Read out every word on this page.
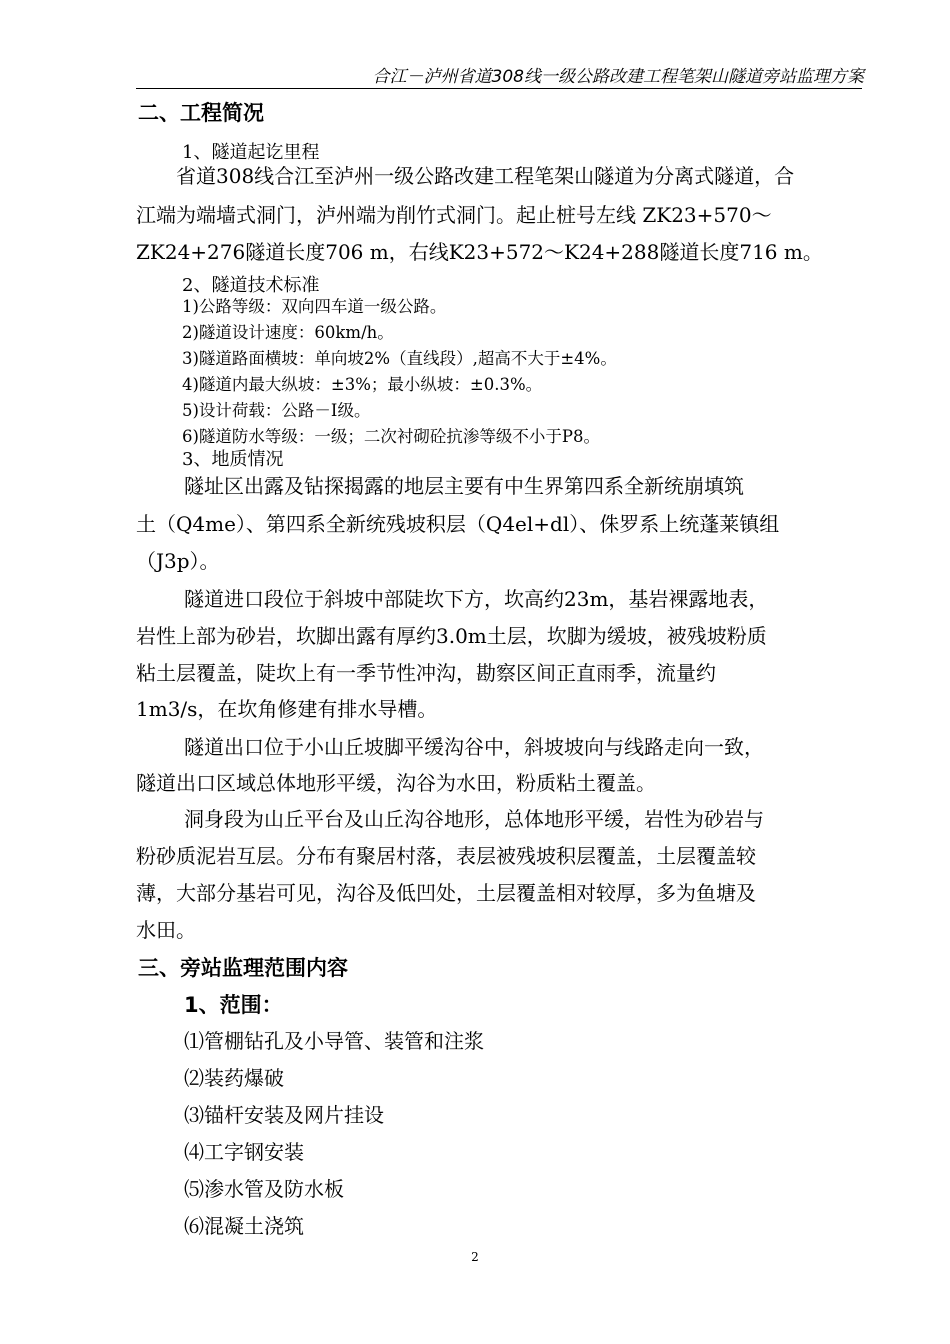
合江－泸州省道308线一级公路改建工程笔架山隧道旁站监理方案
二、工程简况
1、隧道起讫里程
省道308线合江至泸州一级公路改建工程笔架山隧道为分离式隧道，合
江端为端墙式洞门，泸州端为削竹式洞门。起止桩号左线 ZK23+570～
ZK24+276隧道长度706 m，右线K23+572～K24+288隧道长度716 m。
2、隧道技术标准
1)公路等级：双向四车道一级公路。
2)隧道设计速度：60km/h。
3)隧道路面横坡：单向坡2%（直线段）,超高不大于±4%。
4)隧道内最大纵坡：±3%；最小纵坡：±0.3%。
5)设计荷载：公路－Ⅰ级。
6)隧道防水等级：一级；二次衬砌砼抗渗等级不小于P8。
3、地质情况
隧址区出露及钻探揭露的地层主要有中生界第四系全新统崩填筑
土（Q4me）、第四系全新统残坡积层（Q4el+dl）、侏罗系上统蓬莱镇组
（J3p）。
隧道进口段位于斜坡中部陡坎下方，坎高约23m，基岩裸露地表，
岩性上部为砂岩，坎脚出露有厚约3.0m土层，坎脚为缓坡，被残坡粉质
粘土层覆盖，陡坎上有一季节性冲沟，勘察区间正直雨季，流量约
1m3/s，在坎角修建有排水导槽。
隧道出口位于小山丘坡脚平缓沟谷中，斜坡坡向与线路走向一致，
隧道出口区域总体地形平缓，沟谷为水田，粉质粘土覆盖。
洞身段为山丘平台及山丘沟谷地形，总体地形平缓，岩性为砂岩与
粉砂质泥岩互层。分布有聚居村落，表层被残坡积层覆盖，土层覆盖较
薄，大部分基岩可见，沟谷及低凹处，土层覆盖相对较厚，多为鱼塘及
水田。
三、旁站监理范围内容
1、范围：
⑴管棚钻孔及小导管、装管和注浆
⑵装药爆破
⑶锚杆安装及网片挂设
⑷工字钢安装
⑸渗水管及防水板
⑹混凝土浇筑
2
